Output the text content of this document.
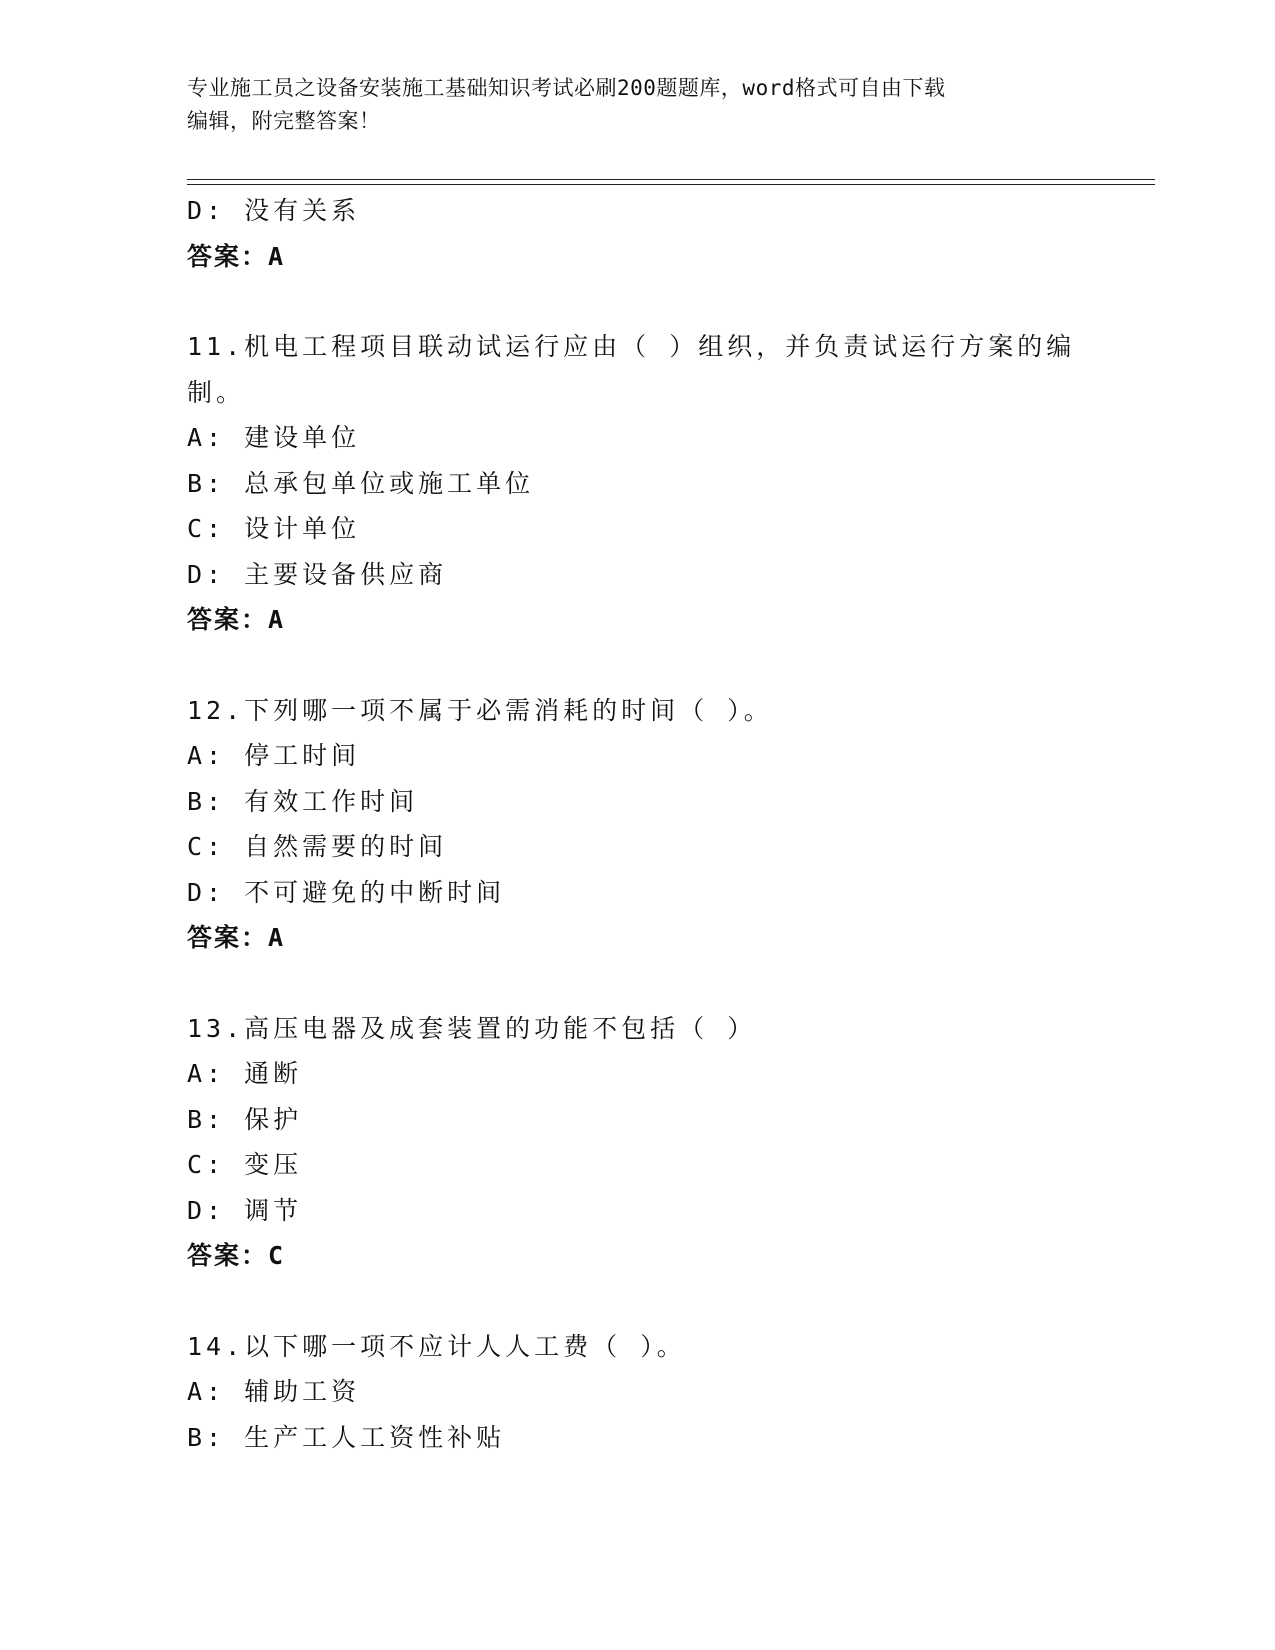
专业施工员之设备安装施工基础知识考试必刷200题题库，word格式可自由下载
编辑，附完整答案！
D: 没有关系
答案：A
11.机电工程项目联动试运行应由（ ）组织，并负责试运行方案的编
制。
A: 建设单位
B: 总承包单位或施工单位
C: 设计单位
D: 主要设备供应商
答案：A
12.下列哪一项不属于必需消耗的时间（ ）。
A: 停工时间
B: 有效工作时间
C: 自然需要的时间
D: 不可避免的中断时间
答案：A
13.高压电器及成套装置的功能不包括（ ）
A: 通断
B: 保护
C: 变压
D: 调节
答案：C
14.以下哪一项不应计人人工费（ ）。
A: 辅助工资
B: 生产工人工资性补贴
